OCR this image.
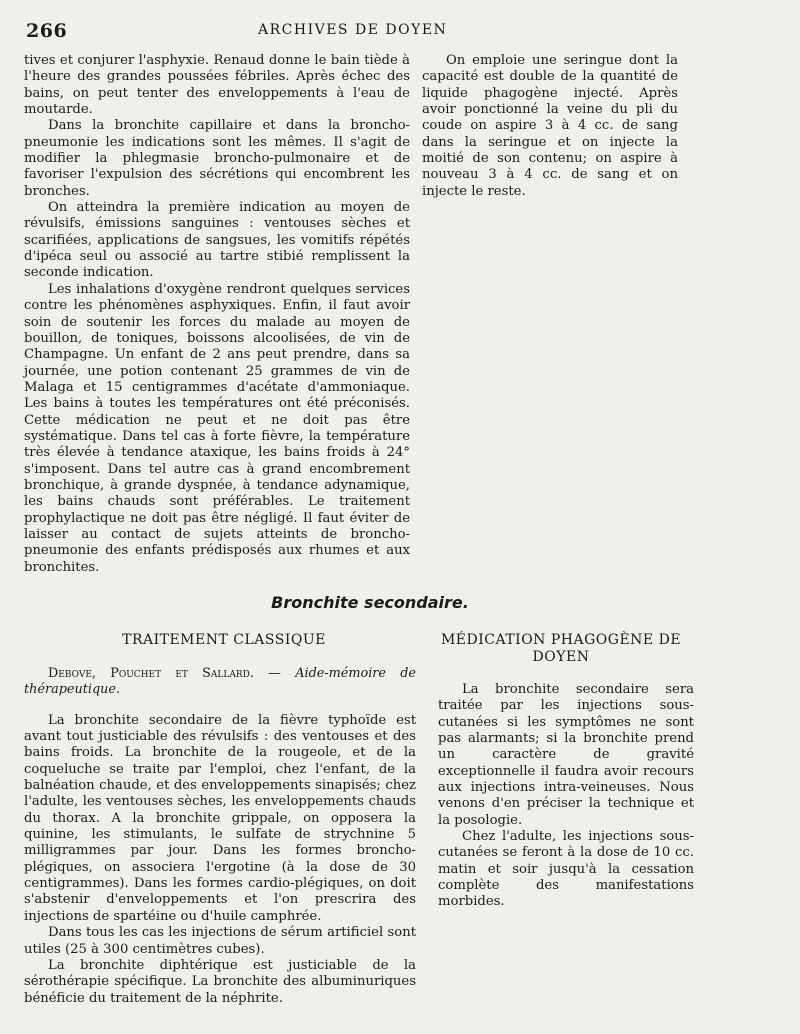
266	ARCHIVES DE DOYEN

tives et conjurer l'asphyxie. Renaud donne le bain tiède à l'heure des grandes poussées fébriles. Après échec des bains, on peut tenter des enveloppements à l'eau de moutarde.

Dans la bronchite capillaire et dans la broncho-pneumonie les indications sont les mêmes. Il s'agit de modifier la phlegmasie broncho-pulmonaire et de favoriser l'expulsion des sécrétions qui encombrent les bronches.

On atteindra la première indication au moyen de révulsifs, émissions sanguines : ventouses sèches et scarifiées, applications de sangsues, les vomitifs répétés d'ipéca seul ou associé au tartre stibié remplissent la seconde indication.

Les inhalations d'oxygène rendront quelques services contre les phénomènes asphyxiques. Enfin, il faut avoir soin de soutenir les forces du malade au moyen de bouillon, de toniques, boissons alcoolisées, de vin de Champagne. Un enfant de 2 ans peut prendre, dans sa journée, une potion contenant 25 grammes de vin de Malaga et 15 centigrammes d'acétate d'ammoniaque. Les bains à toutes les températures ont été préconisés. Cette médication ne peut et ne doit pas être systématique. Dans tel cas à forte fièvre, la température très élevée à tendance ataxique, les bains froids à 24° s'imposent. Dans tel autre cas à grand encombrement bronchique, à grande dyspnée, à tendance adynamique, les bains chauds sont préférables. Le traitement prophylactique ne doit pas être négligé. Il faut éviter de laisser au contact de sujets atteints de broncho-pneumonie des enfants prédisposés aux rhumes et aux bronchites.

On emploie une seringue dont la capacité est double de la quantité de liquide phagogène injecté. Après avoir ponctionné la veine du pli du coude on aspire 3 à 4 cc. de sang dans la seringue et on injecte la moitié de son contenu; on aspire à nouveau 3 à 4 cc. de sang et on injecte le reste.

Bronchite secondaire.
TRAITEMENT CLASSIQUE	MÉDICATION PHAGOGÈNE DE DOYEN

Debove, Pouchet et Sallard. — Aide-mémoire de thérapeutique.

La bronchite secondaire de la fièvre typhoïde est avant tout justiciable des révulsifs : des ventouses et des bains froids. La bronchite de la rougeole, et de la coqueluche se traite par l'emploi, chez l'enfant, de la balnéation chaude, et des enveloppements sinapisés; chez l'adulte, les ventouses sèches, les enveloppements chauds du thorax. A la bronchite grippale, on opposera la quinine, les stimulants, le sulfate de strychnine 5 milligrammes par jour. Dans les formes broncho-plégiques, on associera l'ergotine (à la dose de 30 centigrammes). Dans les formes cardio-plégiques, on doit s'abstenir d'enveloppements et l'on prescrira des injections de spartéine ou d'huile camphrée.

Dans tous les cas les injections de sérum artificiel sont utiles (25 à 300 centimètres cubes).

La bronchite diphtérique est justiciable de la sérothérapie spécifique. La bronchite des albuminuriques bénéficie du traitement de la néphrite.

La bronchite secondaire sera traitée par les injections sous-cutanées si les symptômes ne sont pas alarmants; si la bronchite prend un caractère de gravité exceptionnelle il faudra avoir recours aux injections intra-veineuses. Nous venons d'en préciser la technique et la posologie.

Chez l'adulte, les injections sous-cutanées se feront à la dose de 10 cc. matin et soir jusqu'à la cessation complète des manifestations morbides.
